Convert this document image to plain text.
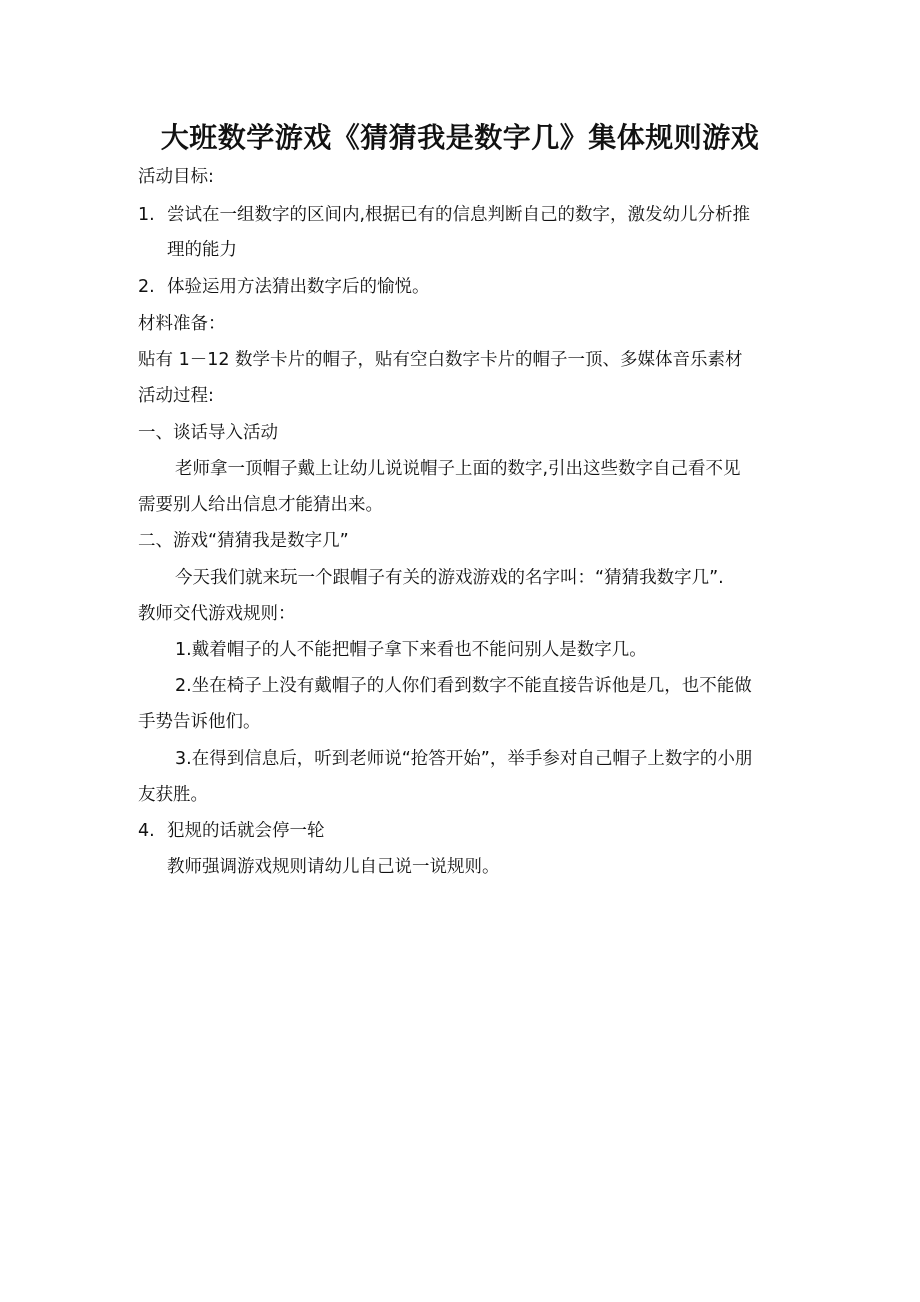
大班数学游戏《猜猜我是数字几》集体规则游戏
活动目标:
1. 尝试在一组数字的区间内,根据已有的信息判断自己的数字，激发幼儿分析推
理的能力
2. 体验运用方法猜出数字后的愉悦。
材料准备：
贴有 1－12 数学卡片的帽子，贴有空白数字卡片的帽子一顶、多媒体音乐素材
活动过程:
一、谈话导入活动
老师拿一顶帽子戴上让幼儿说说帽子上面的数字,引出这些数字自己看不见
需要别人给出信息才能猜出来。
二、游戏“猜猜我是数字几”
今天我们就来玩一个跟帽子有关的游戏游戏的名字叫：“猜猜我数字几”.
教师交代游戏规则：
1.戴着帽子的人不能把帽子拿下来看也不能问别人是数字几。
2.坐在椅子上没有戴帽子的人你们看到数字不能直接告诉他是几，也不能做
手势告诉他们。
3.在得到信息后，听到老师说“抢答开始”，举手参对自己帽子上数字的小朋
友获胜。
4. 犯规的话就会停一轮
教师强调游戏规则请幼儿自己说一说规则。
